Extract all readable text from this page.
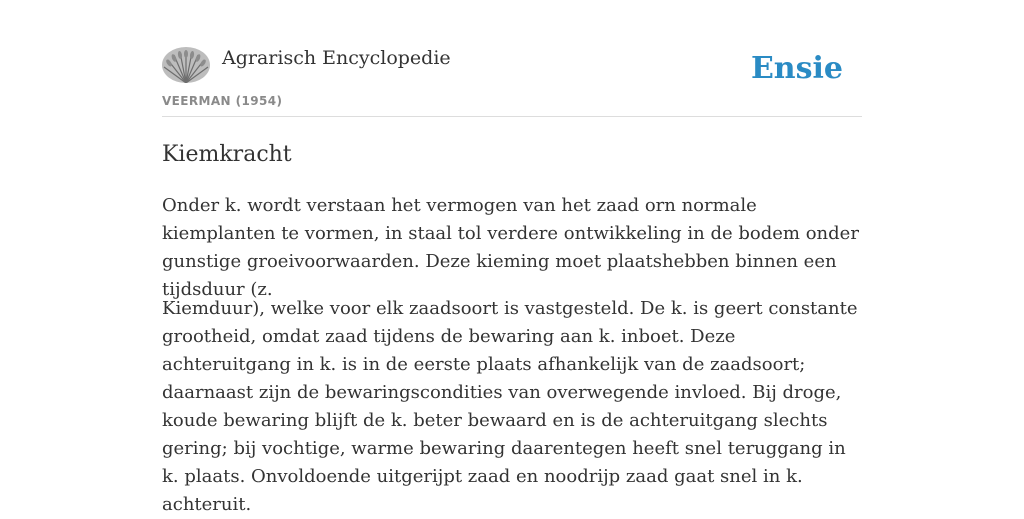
Agrarisch Encyclopedie
VEERMAN (1954)
Ensie
Kiemkracht

Onder k. wordt verstaan het vermogen van het zaad orn normale kiemplanten te vormen, in staal tol verdere ontwikkeling in de bodem onder gunstige groeivoorwaarden. Deze kieming moet plaatshebben binnen een tijdsduur (z.

Kiemduur), welke voor elk zaadsoort is vastgesteld. De k. is geert constante grootheid, omdat zaad tijdens de bewaring aan k. inboet. Deze achteruitgang in k. is in de eerste plaats afhankelijk van de zaadsoort; daarnaast zijn de bewaringscondities van overwegende invloed. Bij droge, koude bewaring blijft de k. beter bewaard en is de achteruitgang slechts gering; bij vochtige, warme bewaring daarentegen heeft snel teruggang in k. plaats. Onvoldoende uitgerijpt zaad en noodrijp zaad gaat snel in k. achteruit.
